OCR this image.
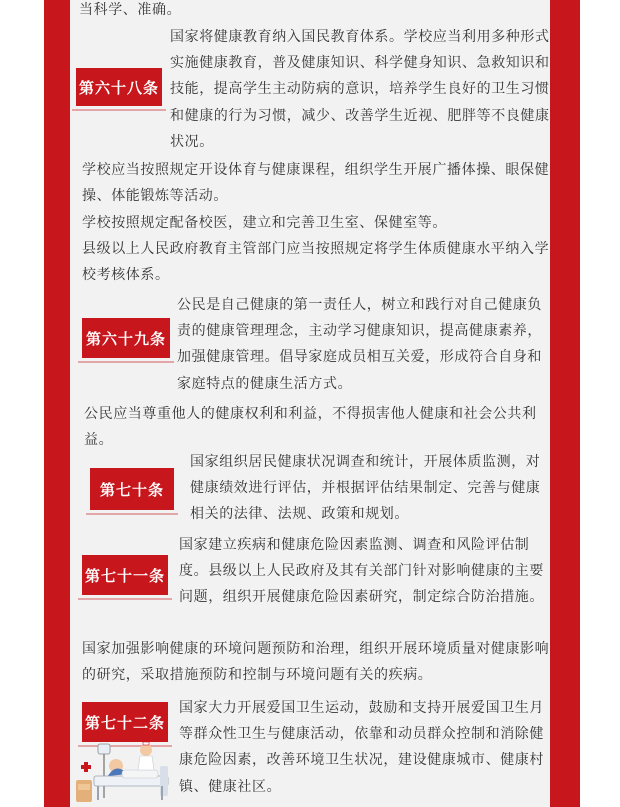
当科学、准确。
第六十八条
国家将健康教育纳入国民教育体系。学校应当利用多种形式实施健康教育，普及健康知识、科学健身知识、急救知识和技能，提高学生主动防病的意识，培养学生良好的卫生习惯和健康的行为习惯，减少、改善学生近视、肥胖等不良健康状况。
学校应当按照规定开设体育与健康课程，组织学生开展广播体操、眼保健操、体能锻炼等活动。
学校按照规定配备校医，建立和完善卫生室、保健室等。
县级以上人民政府教育主管部门应当按照规定将学生体质健康水平纳入学校考核体系。
第六十九条
公民是自己健康的第一责任人，树立和践行对自己健康负责的健康管理理念，主动学习健康知识，提高健康素养，加强健康管理。倡导家庭成员相互关爱，形成符合自身和家庭特点的健康生活方式。
公民应当尊重他人的健康权利和利益，不得损害他人健康和社会公共利益。
第七十条
国家组织居民健康状况调查和统计，开展体质监测，对健康绩效进行评估，并根据评估结果制定、完善与健康相关的法律、法规、政策和规划。
第七十一条
国家建立疾病和健康危险因素监测、调查和风险评估制度。县级以上人民政府及其有关部门针对影响健康的主要问题，组织开展健康危险因素研究，制定综合防治措施。
国家加强影响健康的环境问题预防和治理，组织开展环境质量对健康影响的研究，采取措施预防和控制与环境问题有关的疾病。
第七十二条
国家大力开展爱国卫生运动，鼓励和支持开展爱国卫生月等群众性卫生与健康活动，依靠和动员群众控制和消除健康危险因素，改善环境卫生状况，建设健康城市、健康村镇、健康社区。
